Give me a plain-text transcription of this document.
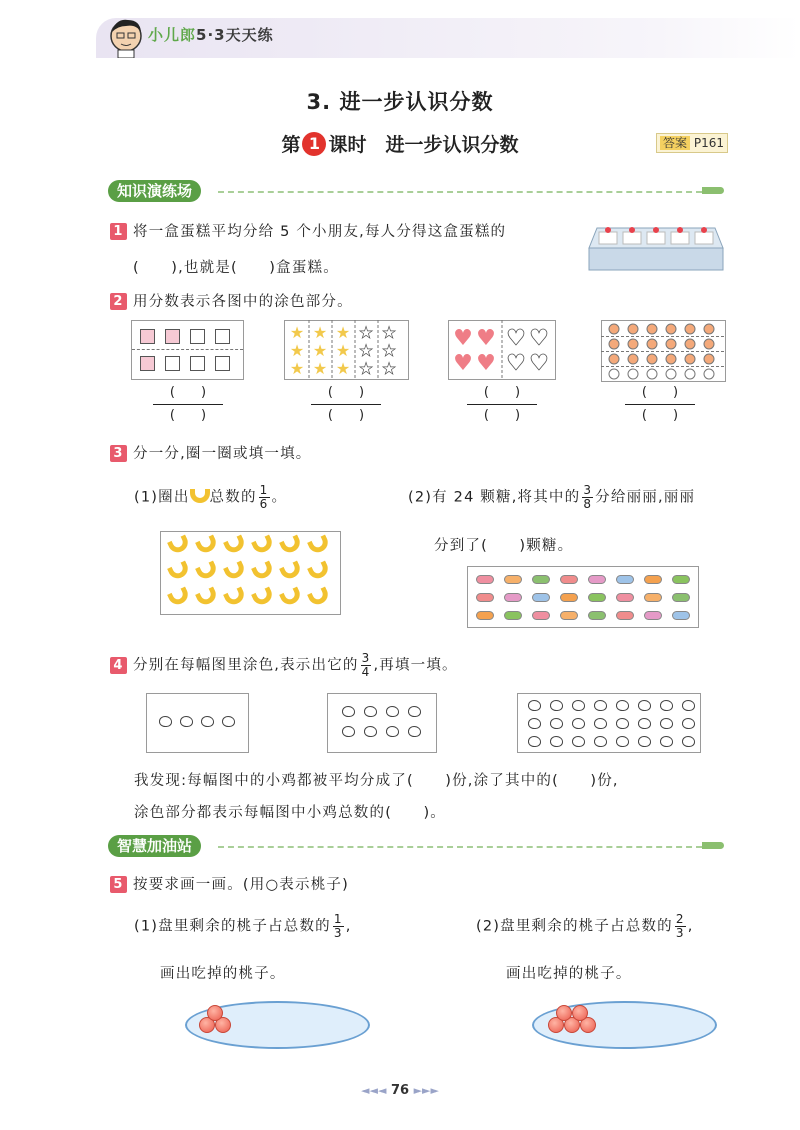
小儿郎5·3天天练
3. 进一步认识分数
第 1 课时　 进一步认识分数	答案 P161
知识演练场
1 将一盒蛋糕平均分给 5 个小朋友,每人分得这盒蛋糕的
(　　),也就是(　　)盒蛋糕。
2 用分数表示各图中的涂色部分。
★ ★ ★ ★ ★
★ ★ ★ ★ ★
★ ★ ★ ★ ★
♥ ♥ ♥ ♥
♥ ♥ ♥ ♥
(　　)
(　　)
(　　)
(　　)
(　　)
(　　)
(　　)
(　　)
3 分一分,圈一圈或填一填。
(1)圈出 总数的 $\frac{1}{6}$ 。	(2)有 24 颗糖,将其中的 $\frac{3}{8}$ 分给丽丽,丽丽
分到了(　　)颗糖。
4 分别在每幅图里涂色,表示出它的 $\frac{3}{4}$ ,再填一填。
我发现:每幅图中的小鸡都被平均分成了(　　)份,涂了其中的(　　)份,
涂色部分都表示每幅图中小鸡总数的(　　)。
智慧加油站
5 按要求画一画。(用○表示桃子)
(1)盘里剩余的桃子占总数的 $\frac{1}{3}$ ,	(2)盘里剩余的桃子占总数的 $\frac{2}{3}$ ,
画出吃掉的桃子。	画出吃掉的桃子。
◄◄◄ 76 ►►►
